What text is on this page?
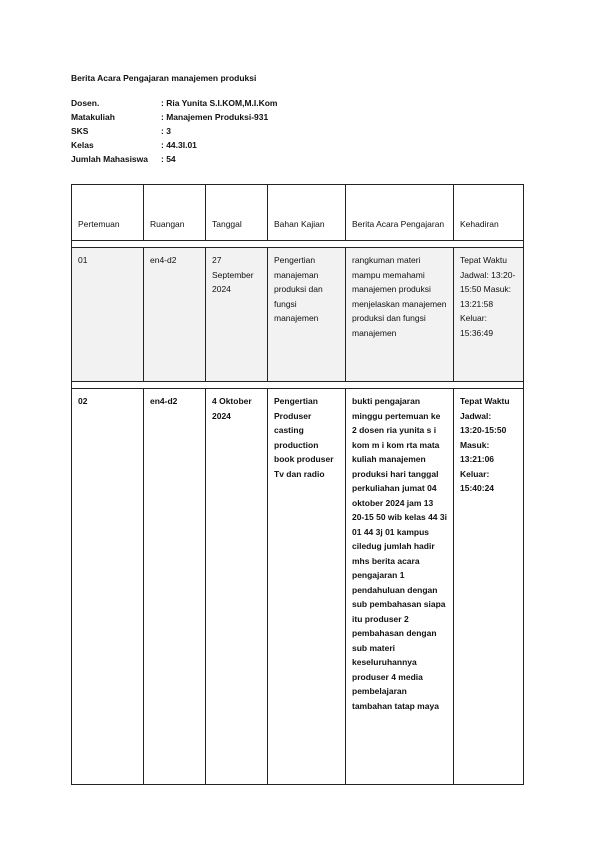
Berita Acara Pengajaran manajemen produksi
Dosen.	: Ria Yunita S.I.KOM,M.I.Kom
Matakuliah	: Manajemen Produksi-931
SKS	: 3
Kelas	: 44.3I.01
Jumlah Mahasiswa : 54
Pertemuan	Ruangan	Tanggal	Bahan Kajian	Berita Acara Pengajaran	Kehadiran

01	en4-d2	27 September 2024	Pengertian manajeman produksi dan fungsi manajemen	rangkuman materi mampu memahami manajemen produksi menjelaskan manajemen produksi dan fungsi manajemen	Tepat Waktu Jadwal: 13:20-15:50 Masuk: 13:21:58 Keluar: 15:36:49

02	en4-d2	4 Oktober 2024	Pengertian Produser casting production book produser Tv dan radio	bukti pengajaran minggu pertemuan ke 2 dosen ria yunita s i kom m i kom rta mata kuliah manajemen produksi hari tanggal perkuliahan jumat 04 oktober 2024 jam 13 20-15 50 wib kelas 44 3i 01 44 3j 01 kampus ciledug jumlah hadir mhs berita acara pengajaran 1 pendahuluan dengan sub pembahasan siapa itu produser 2 pembahasan dengan sub materi keseluruhannya produser 4 media pembelajaran tambahan tatap maya	Tepat Waktu Jadwal: 13:20-15:50 Masuk: 13:21:06 Keluar: 15:40:24
